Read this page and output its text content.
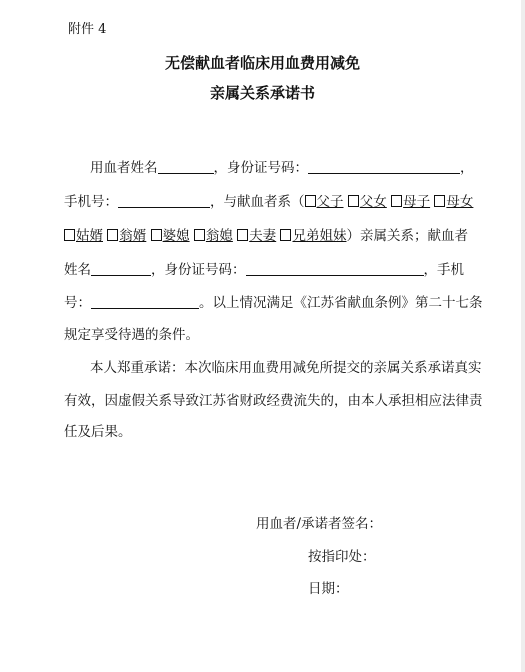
附件 4
无偿献血者临床用血费用减免
亲属关系承诺书
用血者姓名	，身份证号码：	，
手机号：	，与献血者系（ 父子 父女 母子 母女
姑婿 翁婿 婆媳 翁媳 夫妻 兄弟姐妹）亲属关系；献血者
姓名	，身份证号码：	，手机
号：	。以上情况满足《江苏省献血条例》第二十七条
规定享受待遇的条件。
本人郑重承诺：本次临床用血费用减免所提交的亲属关系承诺真实
有效，因虚假关系导致江苏省财政经费流失的，由本人承担相应法律责
任及后果。
用血者/承诺者签名：
按指印处：
日期：
